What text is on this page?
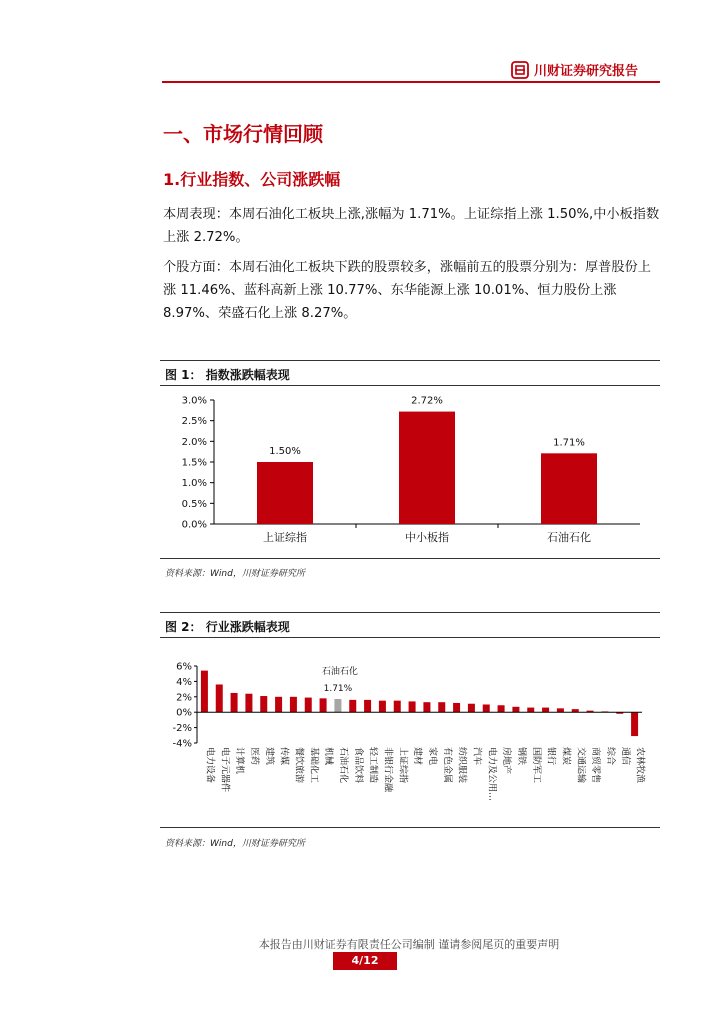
川财证券研究报告
一、市场行情回顾
1.行业指数、公司涨跌幅
本周表现：本周石油化工板块上涨,涨幅为 1.71%。上证综指上涨 1.50%,中小板指数上涨 2.72%。
个股方面：本周石油化工板块下跌的股票较多，涨幅前五的股票分别为：厚普股份上涨 11.46%、蓝科高新上涨 10.77%、东华能源上涨 10.01%、恒力股份上涨 8.97%、荣盛石化上涨 8.27%。
图 1： 指数涨跌幅表现
0.0%
0.5%
1.0%
1.5%
2.0%
2.5%
3.0%
1.50%
上证综指
2.72%
中小板指
1.71%
石油石化
资料来源：Wind，川财证券研究所
图 2： 行业涨跌幅表现
-4%
-2%
0%
2%
4%
6%
电力设备 电子元器件 计算机 医药 建筑 传媒 餐饮旅游 基础化工 机械 石油石化
石油石化
1.71%
食品饮料 轻工制造 非银行金融 上证综指 建材 家电 有色金属 纺织服装 汽车 电力及公用… 房地产 钢铁 国防军工 银行 煤炭 交通运输 商贸零售 综合 通信 农林牧渔
资料来源：Wind，川财证券研究所
本报告由川财证券有限责任公司编制 谨请参阅尾页的重要声明
4/12
